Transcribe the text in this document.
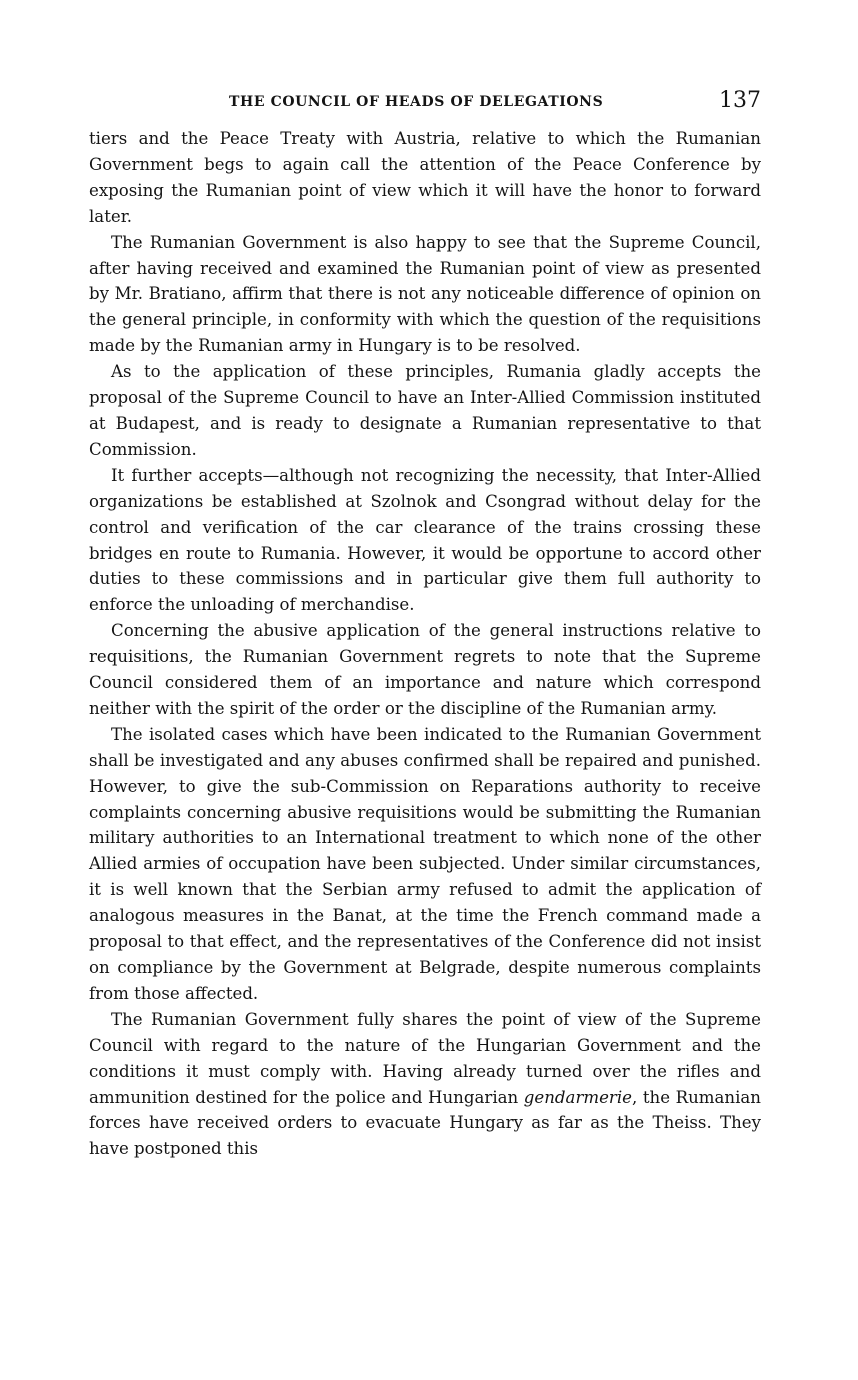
THE COUNCIL OF HEADS OF DELEGATIONS	137

tiers and the Peace Treaty with Austria, relative to which the Rumanian Government begs to again call the attention of the Peace Conference by exposing the Rumanian point of view which it will have the honor to forward later.

The Rumanian Government is also happy to see that the Supreme Council, after having received and examined the Rumanian point of view as presented by Mr. Bratiano, affirm that there is not any noticeable difference of opinion on the general principle, in conformity with which the question of the requisitions made by the Rumanian army in Hungary is to be resolved.

As to the application of these principles, Rumania gladly accepts the proposal of the Supreme Council to have an Inter-Allied Commission instituted at Budapest, and is ready to designate a Rumanian representative to that Commission.

It further accepts—although not recognizing the necessity, that Inter-Allied organizations be established at Szolnok and Csongrad without delay for the control and verification of the car clearance of the trains crossing these bridges en route to Rumania. However, it would be opportune to accord other duties to these commissions and in particular give them full authority to enforce the unloading of merchandise.

Concerning the abusive application of the general instructions relative to requisitions, the Rumanian Government regrets to note that the Supreme Council considered them of an importance and nature which correspond neither with the spirit of the order or the discipline of the Rumanian army.

The isolated cases which have been indicated to the Rumanian Government shall be investigated and any abuses confirmed shall be repaired and punished. However, to give the sub-Commission on Reparations authority to receive complaints concerning abusive requisitions would be submitting the Rumanian military authorities to an International treatment to which none of the other Allied armies of occupation have been subjected. Under similar circumstances, it is well known that the Serbian army refused to admit the application of analogous measures in the Banat, at the time the French command made a proposal to that effect, and the representatives of the Conference did not insist on compliance by the Government at Belgrade, despite numerous complaints from those affected.

The Rumanian Government fully shares the point of view of the Supreme Council with regard to the nature of the Hungarian Government and the conditions it must comply with. Having already turned over the rifles and ammunition destined for the police and Hungarian gendarmerie, the Rumanian forces have received orders to evacuate Hungary as far as the Theiss. They have postponed this
